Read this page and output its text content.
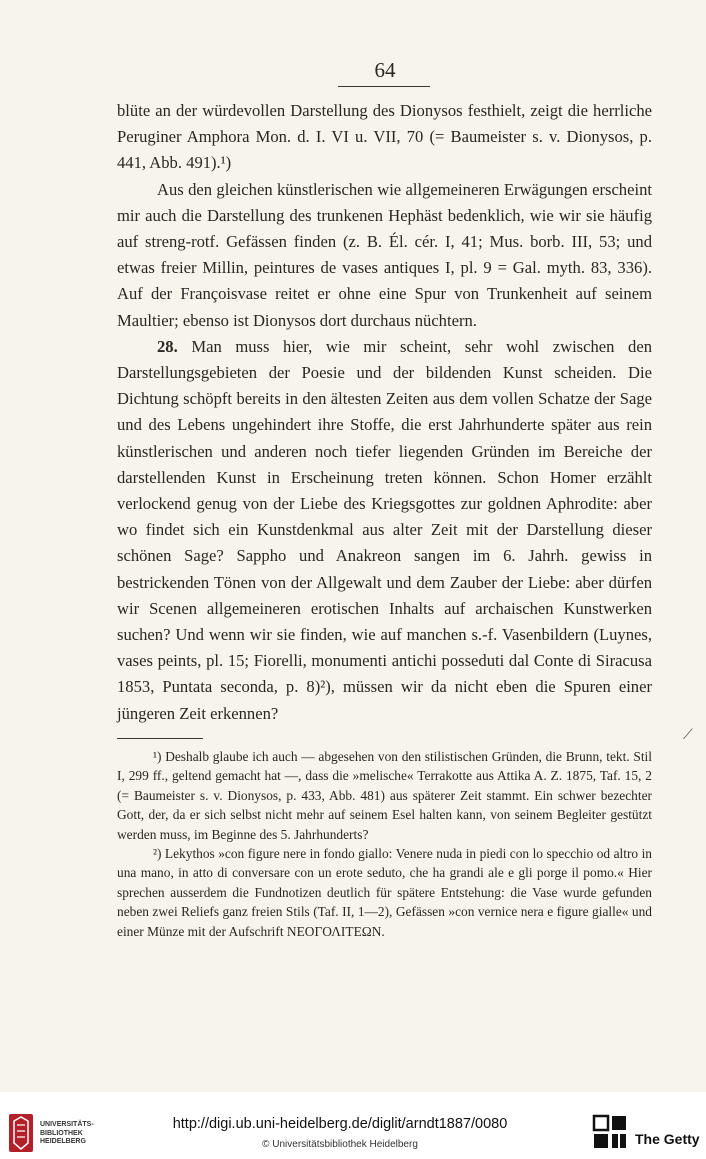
64

blüte an der würdevollen Darstellung des Dionysos festhielt, zeigt die herrliche Peruginer Amphora Mon. d. I. VI u. VII, 70 (= Baumeister s. v. Dionysos, p. 441, Abb. 491).¹)

Aus den gleichen künstlerischen wie allgemeineren Erwägungen erscheint mir auch die Darstellung des trunkenen Hephäst bedenklich, wie wir sie häufig auf streng-rotf. Gefässen finden (z. B. Él. cér. I, 41; Mus. borb. III, 53; und etwas freier Millin, peintures de vases antiques I, pl. 9 = Gal. myth. 83, 336). Auf der Françoisvase reitet er ohne eine Spur von Trunkenheit auf seinem Maultier; ebenso ist Dionysos dort durchaus nüchtern.

28. Man muss hier, wie mir scheint, sehr wohl zwischen den Darstellungsgebieten der Poesie und der bildenden Kunst scheiden. Die Dichtung schöpft bereits in den ältesten Zeiten aus dem vollen Schatze der Sage und des Lebens ungehindert ihre Stoffe, die erst Jahrhunderte später aus rein künstlerischen und anderen noch tiefer liegenden Gründen im Bereiche der darstellenden Kunst in Erscheinung treten können. Schon Homer erzählt verlockend genug von der Liebe des Kriegsgottes zur goldnen Aphrodite: aber wo findet sich ein Kunstdenkmal aus alter Zeit mit der Darstellung dieser schönen Sage? Sappho und Anakreon sangen im 6. Jahrh. gewiss in bestrickenden Tönen von der Allgewalt und dem Zauber der Liebe: aber dürfen wir Scenen allgemeineren erotischen Inhalts auf archaischen Kunstwerken suchen? Und wenn wir sie finden, wie auf manchen s.-f. Vasenbildern (Luynes, vases peints, pl. 15; Fiorelli, monumenti antichi posseduti dal Conte di Siracusa 1853, Puntata seconda, p. 8)²), müssen wir da nicht eben die Spuren einer jüngeren Zeit erkennen?

⟋

¹) Deshalb glaube ich auch — abgesehen von den stilistischen Gründen, die Brunn, tekt. Stil I, 299 ff., geltend gemacht hat —, dass die »melische« Terrakotte aus Attika A. Z. 1875, Taf. 15, 2 (= Baumeister s. v. Dionysos, p. 433, Abb. 481) aus späterer Zeit stammt. Ein schwer bezechter Gott, der, da er sich selbst nicht mehr auf seinem Esel halten kann, von seinem Begleiter gestützt werden muss, im Beginne des 5. Jahrhunderts?

²) Lekythos »con figure nere in fondo giallo: Venere nuda in piedi con lo specchio od altro in una mano, in atto di conversare con un erote seduto, che ha grandi ale e gli porge il pomo.« Hier sprechen ausserdem die Fundnotizen deutlich für spätere Entstehung: die Vase wurde gefunden neben zwei Reliefs ganz freien Stils (Taf. II, 1—2), Gefässen »con vernice nera e figure gialle« und einer Münze mit der Aufschrift ΝΕΟΓΟΛΙΤΕΩΝ.

UNIVERSITÄTS-
BIBLIOTHEK
HEIDELBERG
http://digi.ub.uni-heidelberg.de/diglit/arndt1887/0080
© Universitätsbibliothek Heidelberg	The Getty
